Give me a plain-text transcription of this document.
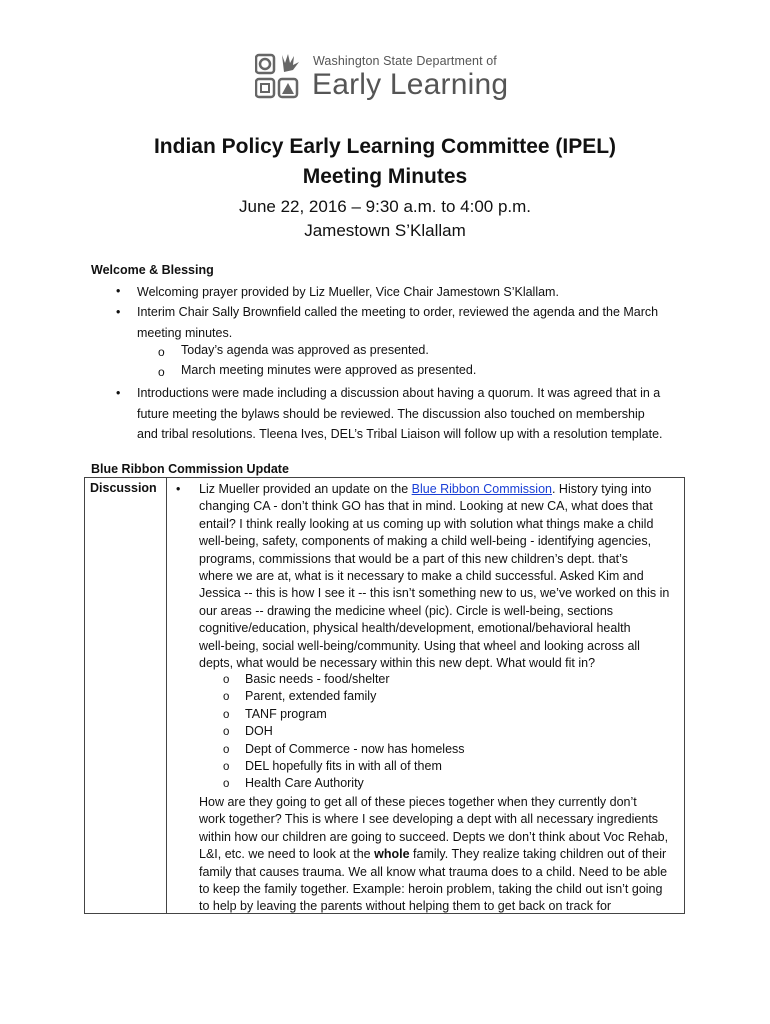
Washington State Department of
Early Learning
Indian Policy Early Learning Committee (IPEL)
Meeting Minutes
June 22, 2016 – 9:30 a.m. to 4:00 p.m.
Jamestown S’Klallam
Welcome & Blessing
• Welcoming prayer provided by Liz Mueller, Vice Chair Jamestown S’Klallam.
• Interim Chair Sally Brownfield called the meeting to order, reviewed the agenda and the March
meeting minutes.
o Today’s agenda was approved as presented.
o March meeting minutes were approved as presented.
• Introductions were made including a discussion about having a quorum. It was agreed that in a
future meeting the bylaws should be reviewed. The discussion also touched on membership
and tribal resolutions. Tleena Ives, DEL’s Tribal Liaison will follow up with a resolution template.
Blue Ribbon Commission Update
Discussion • Liz Mueller provided an update on the Blue Ribbon Commission. History tying into
changing CA - don’t think GO has that in mind. Looking at new CA, what does that
entail? I think really looking at us coming up with solution what things make a child
well-being, safety, components of making a child well-being - identifying agencies,
programs, commissions that would be a part of this new children’s dept. that’s
where we are at, what is it necessary to make a child successful. Asked Kim and
Jessica -- this is how I see it -- this isn’t something new to us, we’ve worked on this in
our areas -- drawing the medicine wheel (pic). Circle is well-being, sections
cognitive/education, physical health/development, emotional/behavioral health
well-being, social well-being/community. Using that wheel and looking across all
depts, what would be necessary within this new dept. What would fit in?
o Basic needs - food/shelter
o Parent, extended family
o TANF program
o DOH
o Dept of Commerce - now has homeless
o DEL hopefully fits in with all of them
o Health Care Authority
How are they going to get all of these pieces together when they currently don’t
work together? This is where I see developing a dept with all necessary ingredients
within how our children are going to succeed. Depts we don’t think about Voc Rehab,
L&I, etc. we need to look at the whole family. They realize taking children out of their
family that causes trauma. We all know what trauma does to a child. Need to be able
to keep the family together. Example: heroin problem, taking the child out isn’t going
to help by leaving the parents without helping them to get back on track for
